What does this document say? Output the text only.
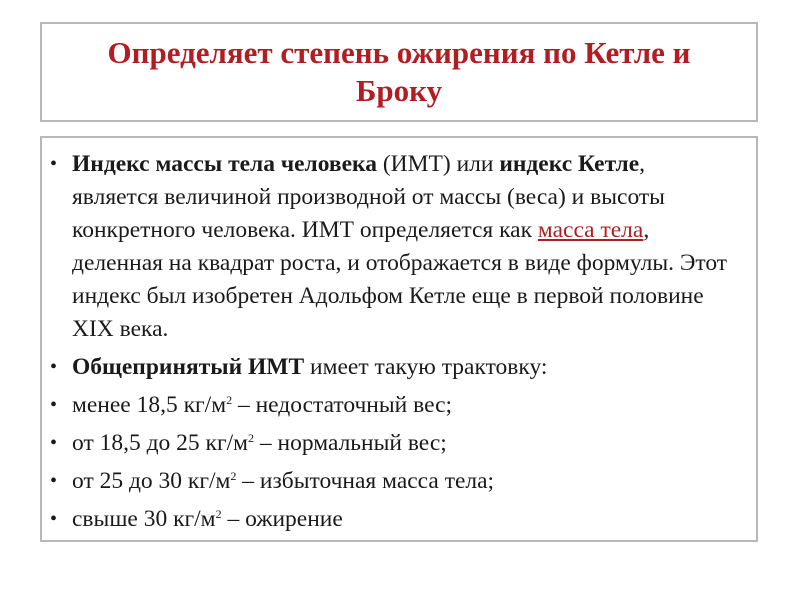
Определяет степень ожирения по Кетле и Броку
• Индекс массы тела человека (ИМТ) или индекс Кетле, является величиной производной от массы (веса) и высоты конкретного человека. ИМТ определяется как масса тела, деленная на квадрат роста, и отображается в виде формулы. Этот индекс был изобретен Адольфом Кетле еще в первой половине XIX века.
• Общепринятый ИМТ имеет такую трактовку:
• менее 18,5 $кг/м^2$ – недостаточный вес;
• от 18,5 до 25 $кг/м^2$ – нормальный вес;
• от 25 до 30 $кг/м^2$ – избыточная масса тела;
• свыше 30 $кг/м^2$ – ожирение
